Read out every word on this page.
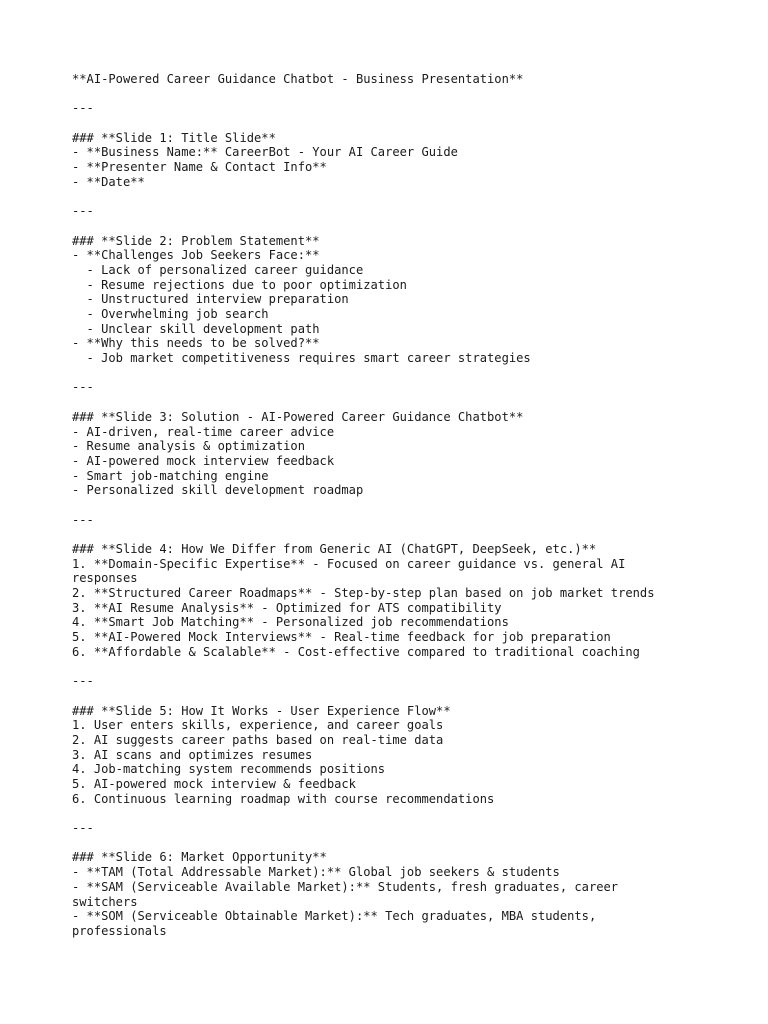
**AI-Powered Career Guidance Chatbot - Business Presentation**
---
### **Slide 1: Title Slide**
- **Business Name:** CareerBot - Your AI Career Guide
- **Presenter Name & Contact Info**
- **Date**
---
### **Slide 2: Problem Statement**
- **Challenges Job Seekers Face:**
- Lack of personalized career guidance
- Resume rejections due to poor optimization
- Unstructured interview preparation
- Overwhelming job search
- Unclear skill development path
- **Why this needs to be solved?**
- Job market competitiveness requires smart career strategies
---
### **Slide 3: Solution - AI-Powered Career Guidance Chatbot**
- AI-driven, real-time career advice
- Resume analysis & optimization
- AI-powered mock interview feedback
- Smart job-matching engine
- Personalized skill development roadmap
---
### **Slide 4: How We Differ from Generic AI (ChatGPT, DeepSeek, etc.)**
1. **Domain-Specific Expertise** - Focused on career guidance vs. general AI
responses
2. **Structured Career Roadmaps** - Step-by-step plan based on job market trends
3. **AI Resume Analysis** - Optimized for ATS compatibility
4. **Smart Job Matching** - Personalized job recommendations
5. **AI-Powered Mock Interviews** - Real-time feedback for job preparation
6. **Affordable & Scalable** - Cost-effective compared to traditional coaching
---
### **Slide 5: How It Works - User Experience Flow**
1. User enters skills, experience, and career goals
2. AI suggests career paths based on real-time data
3. AI scans and optimizes resumes
4. Job-matching system recommends positions
5. AI-powered mock interview & feedback
6. Continuous learning roadmap with course recommendations
---
### **Slide 6: Market Opportunity**
- **TAM (Total Addressable Market):** Global job seekers & students
- **SAM (Serviceable Available Market):** Students, fresh graduates, career
switchers
- **SOM (Serviceable Obtainable Market):** Tech graduates, MBA students,
professionals
